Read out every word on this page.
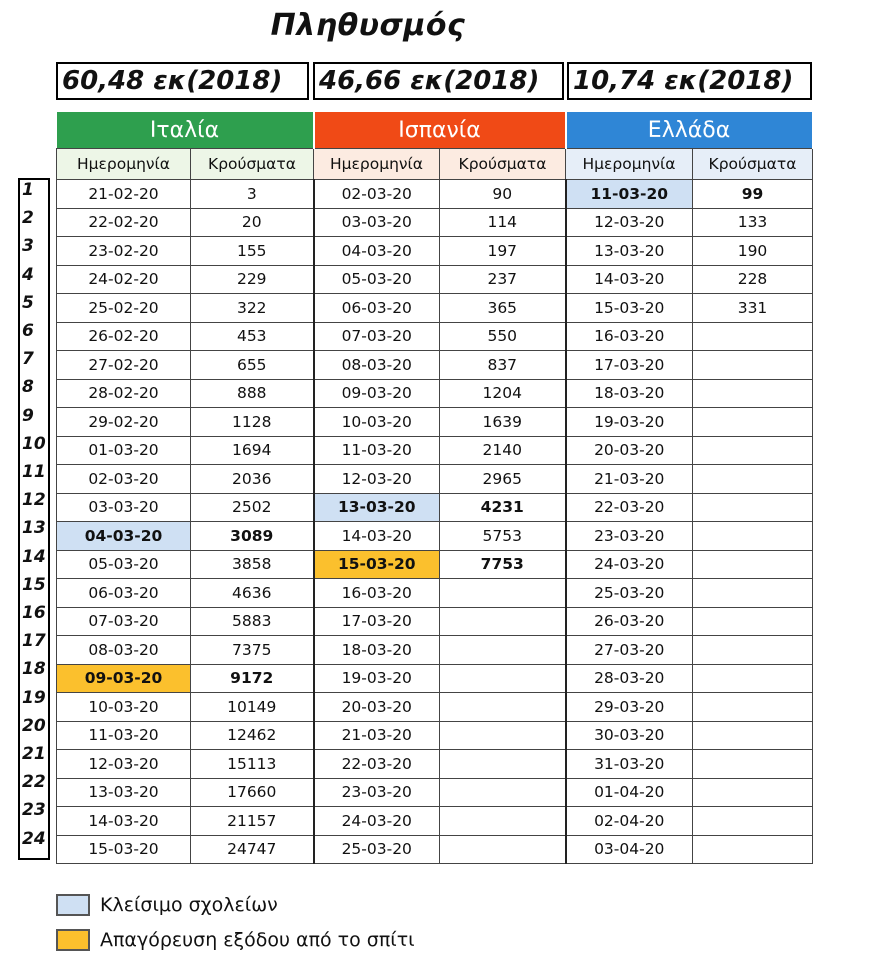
Πληθυσμός
60,48 εκ(2018)	46,66 εκ(2018)	10,74 εκ(2018)
1
2
3
4
5
6
7
8
9
10
11
12
13
14
15
16
17
18
19
20
21
22
23
24
Ιταλία		Ισπανία		Ελλάδα	
Ημερομηνία	Κρούσματα	Ημερομηνία	Κρούσματα	Ημερομηνία	Κρούσματα
21-02-20	3	02-03-20	90	11-03-20	99
22-02-20	20	03-03-20	114	12-03-20	133
23-02-20	155	04-03-20	197	13-03-20	190
24-02-20	229	05-03-20	237	14-03-20	228
25-02-20	322	06-03-20	365	15-03-20	331
26-02-20	453	07-03-20	550	16-03-20	
27-02-20	655	08-03-20	837	17-03-20	
28-02-20	888	09-03-20	1204	18-03-20	
29-02-20	1128	10-03-20	1639	19-03-20	
01-03-20	1694	11-03-20	2140	20-03-20	
02-03-20	2036	12-03-20	2965	21-03-20	
03-03-20	2502	13-03-20	4231	22-03-20	
04-03-20	3089	14-03-20	5753	23-03-20	
05-03-20	3858	15-03-20	7753	24-03-20	
06-03-20	4636	16-03-20		25-03-20	
07-03-20	5883	17-03-20		26-03-20	
08-03-20	7375	18-03-20		27-03-20	
09-03-20	9172	19-03-20		28-03-20	
10-03-20	10149	20-03-20		29-03-20	
11-03-20	12462	21-03-20		30-03-20	
12-03-20	15113	22-03-20		31-03-20	
13-03-20	17660	23-03-20		01-04-20	
14-03-20	21157	24-03-20		02-04-20	
15-03-20	24747	25-03-20		03-04-20	
Κλείσιμο σχολείων
Απαγόρευση εξόδου από το σπίτι
